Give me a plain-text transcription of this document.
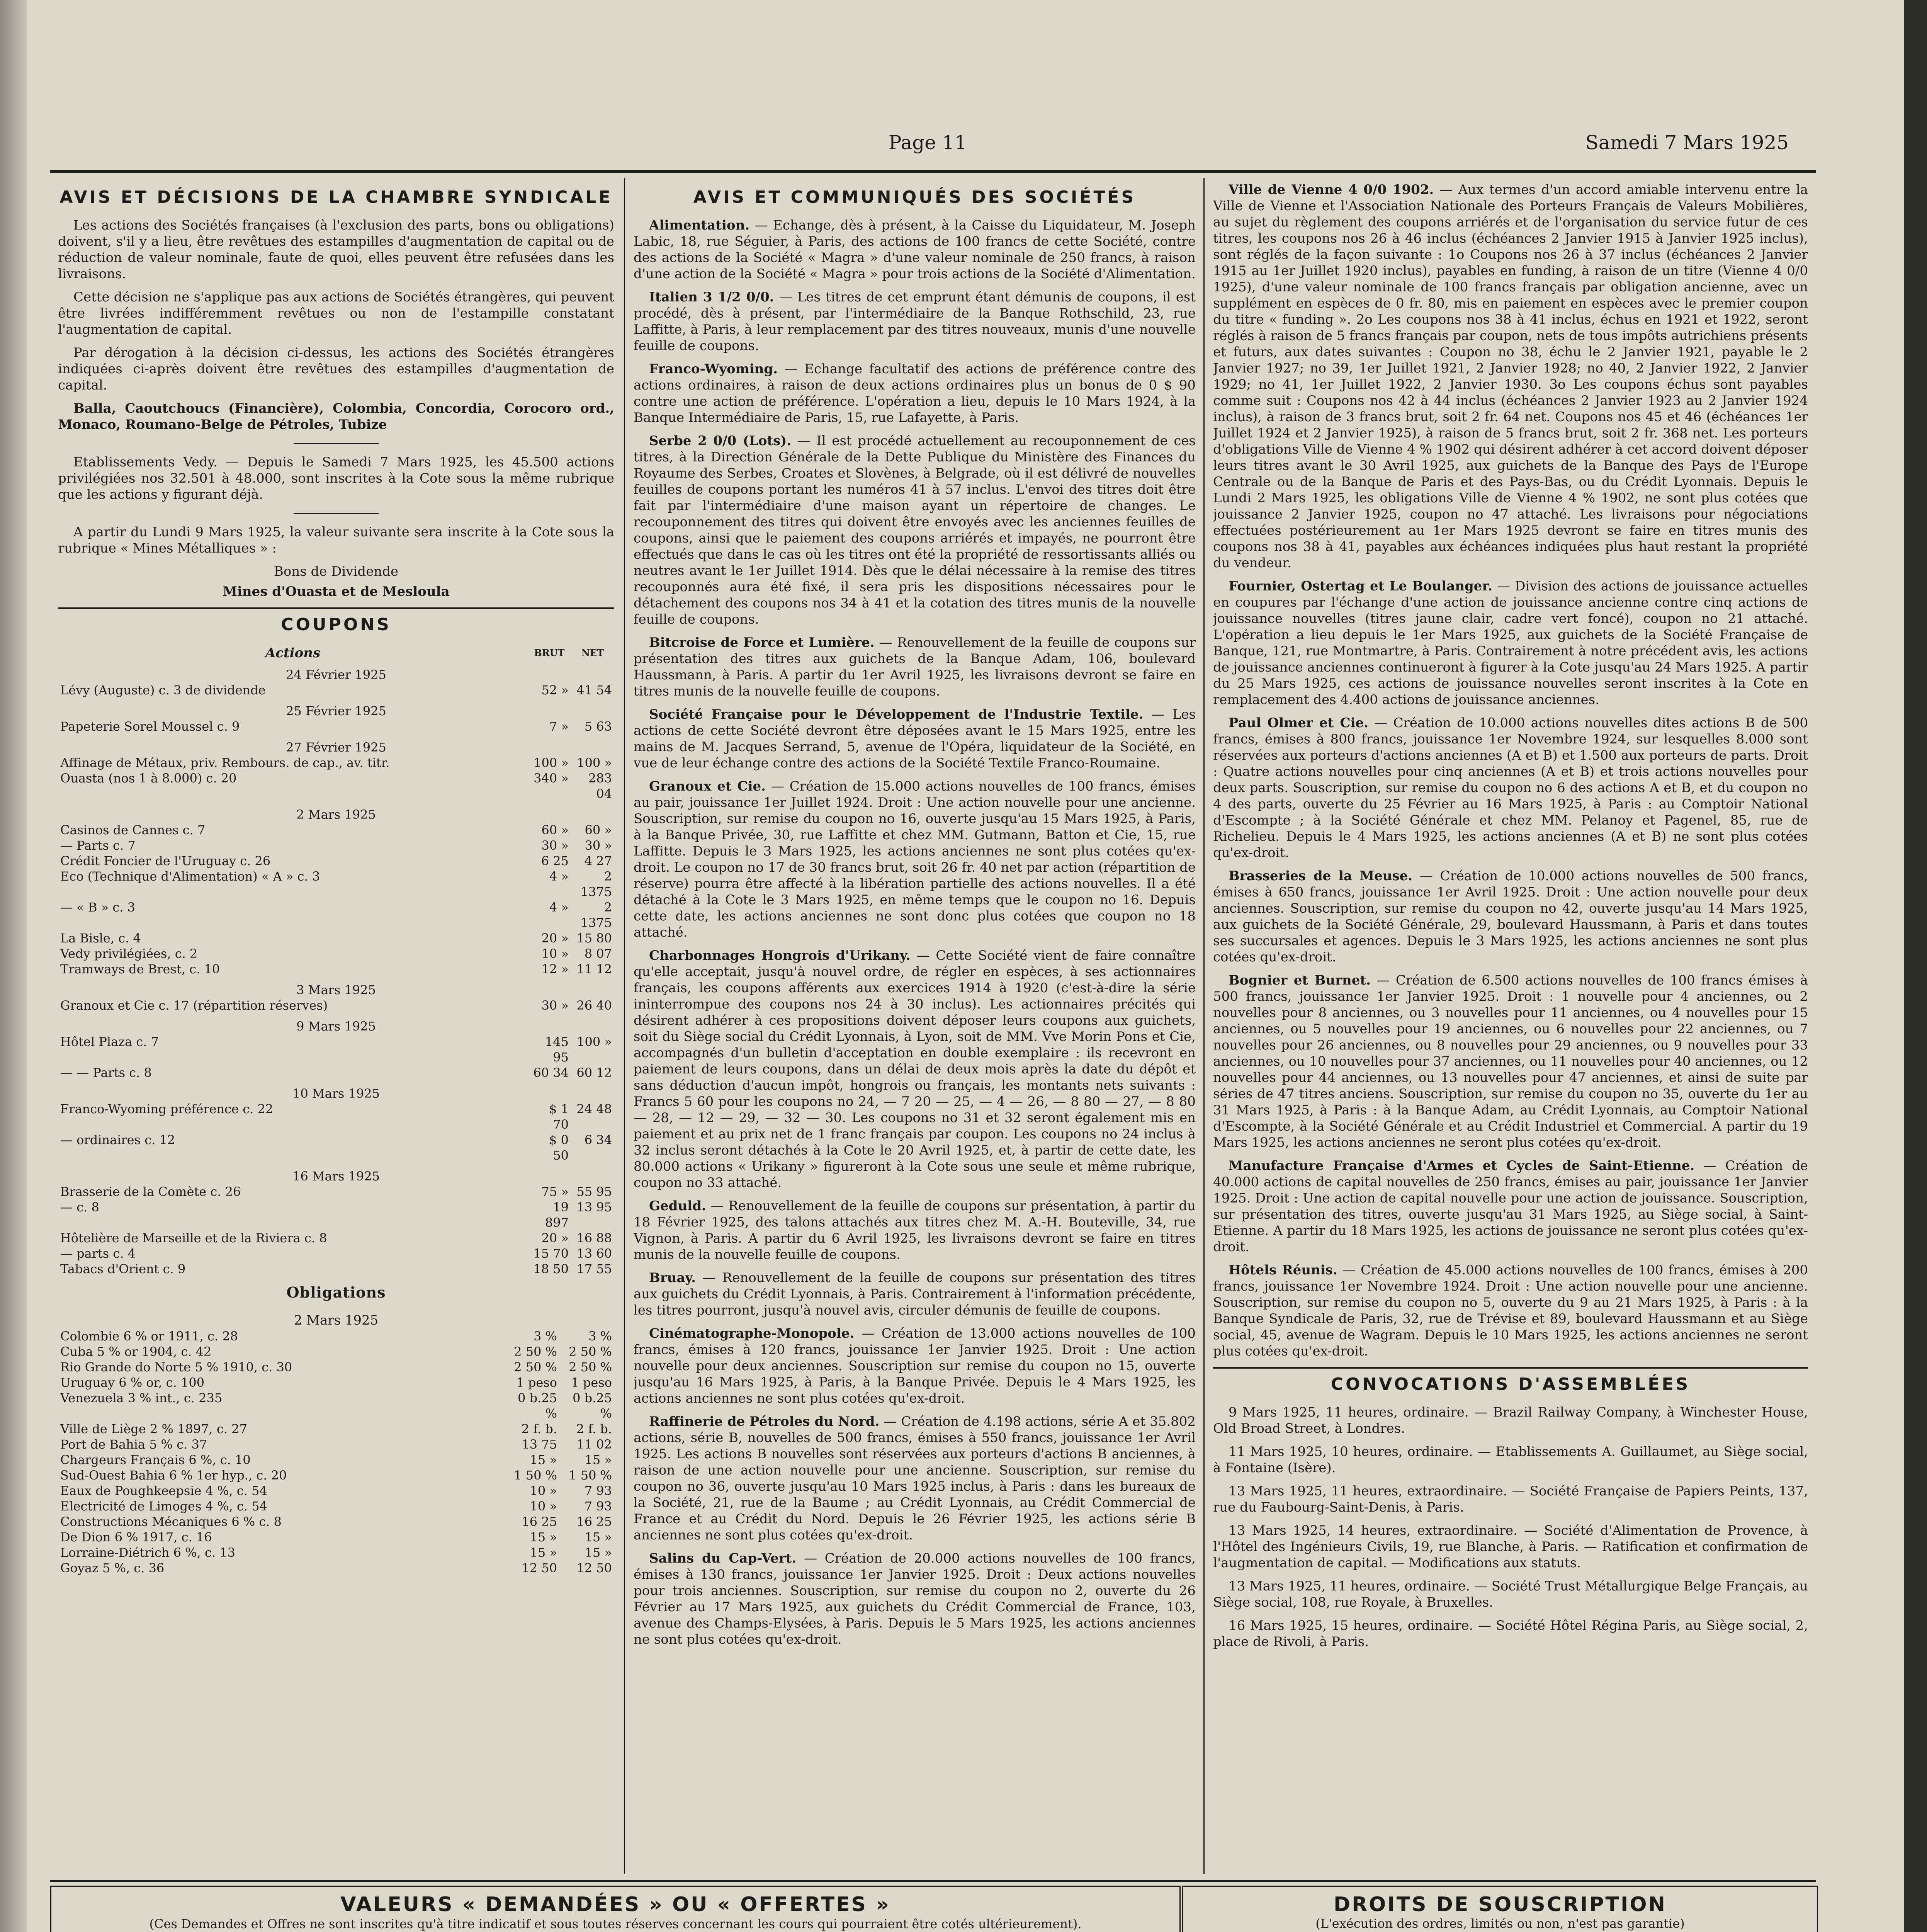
Page 11	Samedi 7 Mars 1925
AVIS ET DÉCISIONS DE LA CHAMBRE SYNDICALE

Les actions des Sociétés françaises (à l'exclusion des parts, bons ou obligations) doivent, s'il y a lieu, être revêtues des estampilles d'augmentation de capital ou de réduction de valeur nominale, faute de quoi, elles peuvent être refusées dans les livraisons.

Cette décision ne s'applique pas aux actions de Sociétés étrangères, qui peuvent être livrées indifféremment revêtues ou non de l'estampille constatant l'augmentation de capital.

Par dérogation à la décision ci-dessus, les actions des Sociétés étrangères indiquées ci-après doivent être revêtues des estampilles d'augmentation de capital.

Balla, Caoutchoucs (Financière), Colombia, Concordia, Corocoro ord., Monaco, Roumano-Belge de Pétroles, Tubize

Etablissements Vedy. — Depuis le Samedi 7 Mars 1925, les 45.500 actions privilégiées nos 32.501 à 48.000, sont inscrites à la Cote sous la même rubrique que les actions y figurant déjà.

A partir du Lundi 9 Mars 1925, la valeur suivante sera inscrite à la Cote sous la rubrique « Mines Métalliques » :

Bons de Dividende

Mines d'Ouasta et de Mesloula

COUPONS
Actions	BRUT	NET
24 Février 1925		
Lévy (Auguste) c. 3 de dividende	52 »	41 54
25 Février 1925		
Papeterie Sorel Moussel c. 9	7 »	5 63
27 Février 1925		
Affinage de Métaux, priv. Rembours. de cap., av. titr.	100 »	100 »
Ouasta (nos 1 à 8.000) c. 20	340 »	283 04
2 Mars 1925		
Casinos de Cannes c. 7	60 »	60 »
— Parts c. 7	30 »	30 »
Crédit Foncier de l'Uruguay c. 26	6 25	4 27
Eco (Technique d'Alimentation) « A » c. 3	4 »	2 1375
— « B » c. 3	4 »	2 1375
La Bisle, c. 4	20 »	15 80
Vedy privilégiées, c. 2	10 »	8 07
Tramways de Brest, c. 10	12 »	11 12
3 Mars 1925		
Granoux et Cie c. 17 (répartition réserves)	30 »	26 40
9 Mars 1925		
Hôtel Plaza c. 7	145 95	100 »
— — Parts c. 8	60 34	60 12
10 Mars 1925		
Franco-Wyoming préférence c. 22	$ 1 70	24 48
— ordinaires c. 12	$ 0 50	6 34
16 Mars 1925		
Brasserie de la Comète c. 26	75 »	55 95
— c. 8	19 897	13 95
Hôtelière de Marseille et de la Riviera c. 8	20 »	16 88
— parts c. 4	15 70	13 60
Tabacs d'Orient c. 9	18 50	17 55
Obligations
2 Mars 1925
Colombie 6 % or 1911, c. 28	3 %	3 %
Cuba 5 % or 1904, c. 42	2 50 %	2 50 %
Rio Grande do Norte 5 % 1910, c. 30	2 50 %	2 50 %
Uruguay 6 % or, c. 100	1 peso	1 peso
Venezuela 3 % int., c. 235	0 b.25 %	0 b.25 %
Ville de Liège 2 % 1897, c. 27	2 f. b.	2 f. b.
Port de Bahia 5 % c. 37	13 75	11 02
Chargeurs Français 6 %, c. 10	15 »	15 »
Sud-Ouest Bahia 6 % 1er hyp., c. 20	1 50 %	1 50 %
Eaux de Poughkeepsie 4 %, c. 54	10 »	7 93
Electricité de Limoges 4 %, c. 54	10 »	7 93
Constructions Mécaniques 6 % c. 8	16 25	16 25
De Dion 6 % 1917, c. 16	15 »	15 »
Lorraine-Diétrich 6 %, c. 13	15 »	15 »
Goyaz 5 %, c. 36	12 50	12 50
AVIS ET COMMUNIQUÉS DES SOCIÉTÉS

Alimentation. — Echange, dès à présent, à la Caisse du Liquidateur, M. Joseph Labic, 18, rue Séguier, à Paris, des actions de 100 francs de cette Société, contre des actions de la Société « Magra » d'une valeur nominale de 250 francs, à raison d'une action de la Société « Magra » pour trois actions de la Société d'Alimentation.

Italien 3 1/2 0/0. — Les titres de cet emprunt étant démunis de coupons, il est procédé, dès à présent, par l'intermédiaire de la Banque Rothschild, 23, rue Laffitte, à Paris, à leur remplacement par des titres nouveaux, munis d'une nouvelle feuille de coupons.

Franco-Wyoming. — Echange facultatif des actions de préférence contre des actions ordinaires, à raison de deux actions ordinaires plus un bonus de 0 $ 90 contre une action de préférence. L'opération a lieu, depuis le 10 Mars 1924, à la Banque Intermédiaire de Paris, 15, rue Lafayette, à Paris.

Serbe 2 0/0 (Lots). — Il est procédé actuellement au recouponnement de ces titres, à la Direction Générale de la Dette Publique du Ministère des Finances du Royaume des Serbes, Croates et Slovènes, à Belgrade, où il est délivré de nouvelles feuilles de coupons portant les numéros 41 à 57 inclus. L'envoi des titres doit être fait par l'intermédiaire d'une maison ayant un répertoire de changes. Le recouponnement des titres qui doivent être envoyés avec les anciennes feuilles de coupons, ainsi que le paiement des coupons arriérés et impayés, ne pourront être effectués que dans le cas où les titres ont été la propriété de ressortissants alliés ou neutres avant le 1er Juillet 1914. Dès que le délai nécessaire à la remise des titres recouponnés aura été fixé, il sera pris les dispositions nécessaires pour le détachement des coupons nos 34 à 41 et la cotation des titres munis de la nouvelle feuille de coupons.

Bitcroise de Force et Lumière. — Renouvellement de la feuille de coupons sur présentation des titres aux guichets de la Banque Adam, 106, boulevard Haussmann, à Paris. A partir du 1er Avril 1925, les livraisons devront se faire en titres munis de la nouvelle feuille de coupons.

Société Française pour le Développement de l'Industrie Textile. — Les actions de cette Société devront être déposées avant le 15 Mars 1925, entre les mains de M. Jacques Serrand, 5, avenue de l'Opéra, liquidateur de la Société, en vue de leur échange contre des actions de la Société Textile Franco-Roumaine.

Granoux et Cie. — Création de 15.000 actions nouvelles de 100 francs, émises au pair, jouissance 1er Juillet 1924. Droit : Une action nouvelle pour une ancienne. Souscription, sur remise du coupon no 16, ouverte jusqu'au 15 Mars 1925, à Paris, à la Banque Privée, 30, rue Laffitte et chez MM. Gutmann, Batton et Cie, 15, rue Laffitte. Depuis le 3 Mars 1925, les actions anciennes ne sont plus cotées qu'ex-droit. Le coupon no 17 de 30 francs brut, soit 26 fr. 40 net par action (répartition de réserve) pourra être affecté à la libération partielle des actions nouvelles. Il a été détaché à la Cote le 3 Mars 1925, en même temps que le coupon no 16. Depuis cette date, les actions anciennes ne sont donc plus cotées que coupon no 18 attaché.

Charbonnages Hongrois d'Urikany. — Cette Société vient de faire connaître qu'elle acceptait, jusqu'à nouvel ordre, de régler en espèces, à ses actionnaires français, les coupons afférents aux exercices 1914 à 1920 (c'est-à-dire la série ininterrompue des coupons nos 24 à 30 inclus). Les actionnaires précités qui désirent adhérer à ces propositions doivent déposer leurs coupons aux guichets, soit du Siège social du Crédit Lyonnais, à Lyon, soit de MM. Vve Morin Pons et Cie, accompagnés d'un bulletin d'acceptation en double exemplaire : ils recevront en paiement de leurs coupons, dans un délai de deux mois après la date du dépôt et sans déduction d'aucun impôt, hongrois ou français, les montants nets suivants : Francs 5 60 pour les coupons no 24, — 7 20 — 25, — 4 — 26, — 8 80 — 27, — 8 80 — 28, — 12 — 29, — 32 — 30. Les coupons no 31 et 32 seront également mis en paiement et au prix net de 1 franc français par coupon. Les coupons no 24 inclus à 32 inclus seront détachés à la Cote le 20 Avril 1925, et, à partir de cette date, les 80.000 actions « Urikany » figureront à la Cote sous une seule et même rubrique, coupon no 33 attaché.

Geduld. — Renouvellement de la feuille de coupons sur présentation, à partir du 18 Février 1925, des talons attachés aux titres chez M. A.-H. Bouteville, 34, rue Vignon, à Paris. A partir du 6 Avril 1925, les livraisons devront se faire en titres munis de la nouvelle feuille de coupons.

Bruay. — Renouvellement de la feuille de coupons sur présentation des titres aux guichets du Crédit Lyonnais, à Paris. Contrairement à l'information précédente, les titres pourront, jusqu'à nouvel avis, circuler démunis de feuille de coupons.

Cinématographe-Monopole. — Création de 13.000 actions nouvelles de 100 francs, émises à 120 francs, jouissance 1er Janvier 1925. Droit : Une action nouvelle pour deux anciennes. Souscription sur remise du coupon no 15, ouverte jusqu'au 16 Mars 1925, à Paris, à la Banque Privée. Depuis le 4 Mars 1925, les actions anciennes ne sont plus cotées qu'ex-droit.

Raffinerie de Pétroles du Nord. — Création de 4.198 actions, série A et 35.802 actions, série B, nouvelles de 500 francs, émises à 550 francs, jouissance 1er Avril 1925. Les actions B nouvelles sont réservées aux porteurs d'actions B anciennes, à raison de une action nouvelle pour une ancienne. Souscription, sur remise du coupon no 36, ouverte jusqu'au 10 Mars 1925 inclus, à Paris : dans les bureaux de la Société, 21, rue de la Baume ; au Crédit Lyonnais, au Crédit Commercial de France et au Crédit du Nord. Depuis le 26 Février 1925, les actions série B anciennes ne sont plus cotées qu'ex-droit.

Salins du Cap-Vert. — Création de 20.000 actions nouvelles de 100 francs, émises à 130 francs, jouissance 1er Janvier 1925. Droit : Deux actions nouvelles pour trois anciennes. Souscription, sur remise du coupon no 2, ouverte du 26 Février au 17 Mars 1925, aux guichets du Crédit Commercial de France, 103, avenue des Champs-Elysées, à Paris. Depuis le 5 Mars 1925, les actions anciennes ne sont plus cotées qu'ex-droit.

Ville de Vienne 4 0/0 1902. — Aux termes d'un accord amiable intervenu entre la Ville de Vienne et l'Association Nationale des Porteurs Français de Valeurs Mobilières, au sujet du règlement des coupons arriérés et de l'organisation du service futur de ces titres, les coupons nos 26 à 46 inclus (échéances 2 Janvier 1915 à Janvier 1925 inclus), sont réglés de la façon suivante : 1o Coupons nos 26 à 37 inclus (échéances 2 Janvier 1915 au 1er Juillet 1920 inclus), payables en funding, à raison de un titre (Vienne 4 0/0 1925), d'une valeur nominale de 100 francs français par obligation ancienne, avec un supplément en espèces de 0 fr. 80, mis en paiement en espèces avec le premier coupon du titre « funding ». 2o Les coupons nos 38 à 41 inclus, échus en 1921 et 1922, seront réglés à raison de 5 francs français par coupon, nets de tous impôts autrichiens présents et futurs, aux dates suivantes : Coupon no 38, échu le 2 Janvier 1921, payable le 2 Janvier 1927; no 39, 1er Juillet 1921, 2 Janvier 1928; no 40, 2 Janvier 1922, 2 Janvier 1929; no 41, 1er Juillet 1922, 2 Janvier 1930. 3o Les coupons échus sont payables comme suit : Coupons nos 42 à 44 inclus (échéances 2 Janvier 1923 au 2 Janvier 1924 inclus), à raison de 3 francs brut, soit 2 fr. 64 net. Coupons nos 45 et 46 (échéances 1er Juillet 1924 et 2 Janvier 1925), à raison de 5 francs brut, soit 2 fr. 368 net. Les porteurs d'obligations Ville de Vienne 4 % 1902 qui désirent adhérer à cet accord doivent déposer leurs titres avant le 30 Avril 1925, aux guichets de la Banque des Pays de l'Europe Centrale ou de la Banque de Paris et des Pays-Bas, ou du Crédit Lyonnais. Depuis le Lundi 2 Mars 1925, les obligations Ville de Vienne 4 % 1902, ne sont plus cotées que jouissance 2 Janvier 1925, coupon no 47 attaché. Les livraisons pour négociations effectuées postérieurement au 1er Mars 1925 devront se faire en titres munis des coupons nos 38 à 41, payables aux échéances indiquées plus haut restant la propriété du vendeur.

Fournier, Ostertag et Le Boulanger. — Division des actions de jouissance actuelles en coupures par l'échange d'une action de jouissance ancienne contre cinq actions de jouissance nouvelles (titres jaune clair, cadre vert foncé), coupon no 21 attaché. L'opération a lieu depuis le 1er Mars 1925, aux guichets de la Société Française de Banque, 121, rue Montmartre, à Paris. Contrairement à notre précédent avis, les actions de jouissance anciennes continueront à figurer à la Cote jusqu'au 24 Mars 1925. A partir du 25 Mars 1925, ces actions de jouissance nouvelles seront inscrites à la Cote en remplacement des 4.400 actions de jouissance anciennes.

Paul Olmer et Cie. — Création de 10.000 actions nouvelles dites actions B de 500 francs, émises à 800 francs, jouissance 1er Novembre 1924, sur lesquelles 8.000 sont réservées aux porteurs d'actions anciennes (A et B) et 1.500 aux porteurs de parts. Droit : Quatre actions nouvelles pour cinq anciennes (A et B) et trois actions nouvelles pour deux parts. Souscription, sur remise du coupon no 6 des actions A et B, et du coupon no 4 des parts, ouverte du 25 Février au 16 Mars 1925, à Paris : au Comptoir National d'Escompte ; à la Société Générale et chez MM. Pelanoy et Pagenel, 85, rue de Richelieu. Depuis le 4 Mars 1925, les actions anciennes (A et B) ne sont plus cotées qu'ex-droit.

Brasseries de la Meuse. — Création de 10.000 actions nouvelles de 500 francs, émises à 650 francs, jouissance 1er Avril 1925. Droit : Une action nouvelle pour deux anciennes. Souscription, sur remise du coupon no 42, ouverte jusqu'au 14 Mars 1925, aux guichets de la Société Générale, 29, boulevard Haussmann, à Paris et dans toutes ses succursales et agences. Depuis le 3 Mars 1925, les actions anciennes ne sont plus cotées qu'ex-droit.

Bognier et Burnet. — Création de 6.500 actions nouvelles de 100 francs émises à 500 francs, jouissance 1er Janvier 1925. Droit : 1 nouvelle pour 4 anciennes, ou 2 nouvelles pour 8 anciennes, ou 3 nouvelles pour 11 anciennes, ou 4 nouvelles pour 15 anciennes, ou 5 nouvelles pour 19 anciennes, ou 6 nouvelles pour 22 anciennes, ou 7 nouvelles pour 26 anciennes, ou 8 nouvelles pour 29 anciennes, ou 9 nouvelles pour 33 anciennes, ou 10 nouvelles pour 37 anciennes, ou 11 nouvelles pour 40 anciennes, ou 12 nouvelles pour 44 anciennes, ou 13 nouvelles pour 47 anciennes, et ainsi de suite par séries de 47 titres anciens. Souscription, sur remise du coupon no 35, ouverte du 1er au 31 Mars 1925, à Paris : à la Banque Adam, au Crédit Lyonnais, au Comptoir National d'Escompte, à la Société Générale et au Crédit Industriel et Commercial. A partir du 19 Mars 1925, les actions anciennes ne seront plus cotées qu'ex-droit.

Manufacture Française d'Armes et Cycles de Saint-Etienne. — Création de 40.000 actions de capital nouvelles de 250 francs, émises au pair, jouissance 1er Janvier 1925. Droit : Une action de capital nouvelle pour une action de jouissance. Souscription, sur présentation des titres, ouverte jusqu'au 31 Mars 1925, au Siège social, à Saint-Etienne. A partir du 18 Mars 1925, les actions de jouissance ne seront plus cotées qu'ex-droit.

Hôtels Réunis. — Création de 45.000 actions nouvelles de 100 francs, émises à 200 francs, jouissance 1er Novembre 1924. Droit : Une action nouvelle pour une ancienne. Souscription, sur remise du coupon no 5, ouverte du 9 au 21 Mars 1925, à Paris : à la Banque Syndicale de Paris, 32, rue de Trévise et 89, boulevard Haussmann et au Siège social, 45, avenue de Wagram. Depuis le 10 Mars 1925, les actions anciennes ne seront plus cotées qu'ex-droit.

CONVOCATIONS D'ASSEMBLÉES

9 Mars 1925, 11 heures, ordinaire. — Brazil Railway Company, à Winchester House, Old Broad Street, à Londres.

11 Mars 1925, 10 heures, ordinaire. — Etablissements A. Guillaumet, au Siège social, à Fontaine (Isère).

13 Mars 1925, 11 heures, extraordinaire. — Société Française de Papiers Peints, 137, rue du Faubourg-Saint-Denis, à Paris.

13 Mars 1925, 14 heures, extraordinaire. — Société d'Alimentation de Provence, à l'Hôtel des Ingénieurs Civils, 19, rue Blanche, à Paris. — Ratification et confirmation de l'augmentation de capital. — Modifications aux statuts.

13 Mars 1925, 11 heures, ordinaire. — Société Trust Métallurgique Belge Français, au Siège social, 108, rue Royale, à Bruxelles.

16 Mars 1925, 15 heures, ordinaire. — Société Hôtel Régina Paris, au Siège social, 2, place de Rivoli, à Paris.

VALEURS « DEMANDÉES » OU « OFFERTES »
(Ces Demandes et Offres ne sont inscrites qu'à titre indicatif et sous toutes réserves concernant les cours qui pourraient être cotés ultérieurement).

DROITS DE SOUSCRIPTION
(L'exécution des ordres, limités ou non, n'est pas garantie)
